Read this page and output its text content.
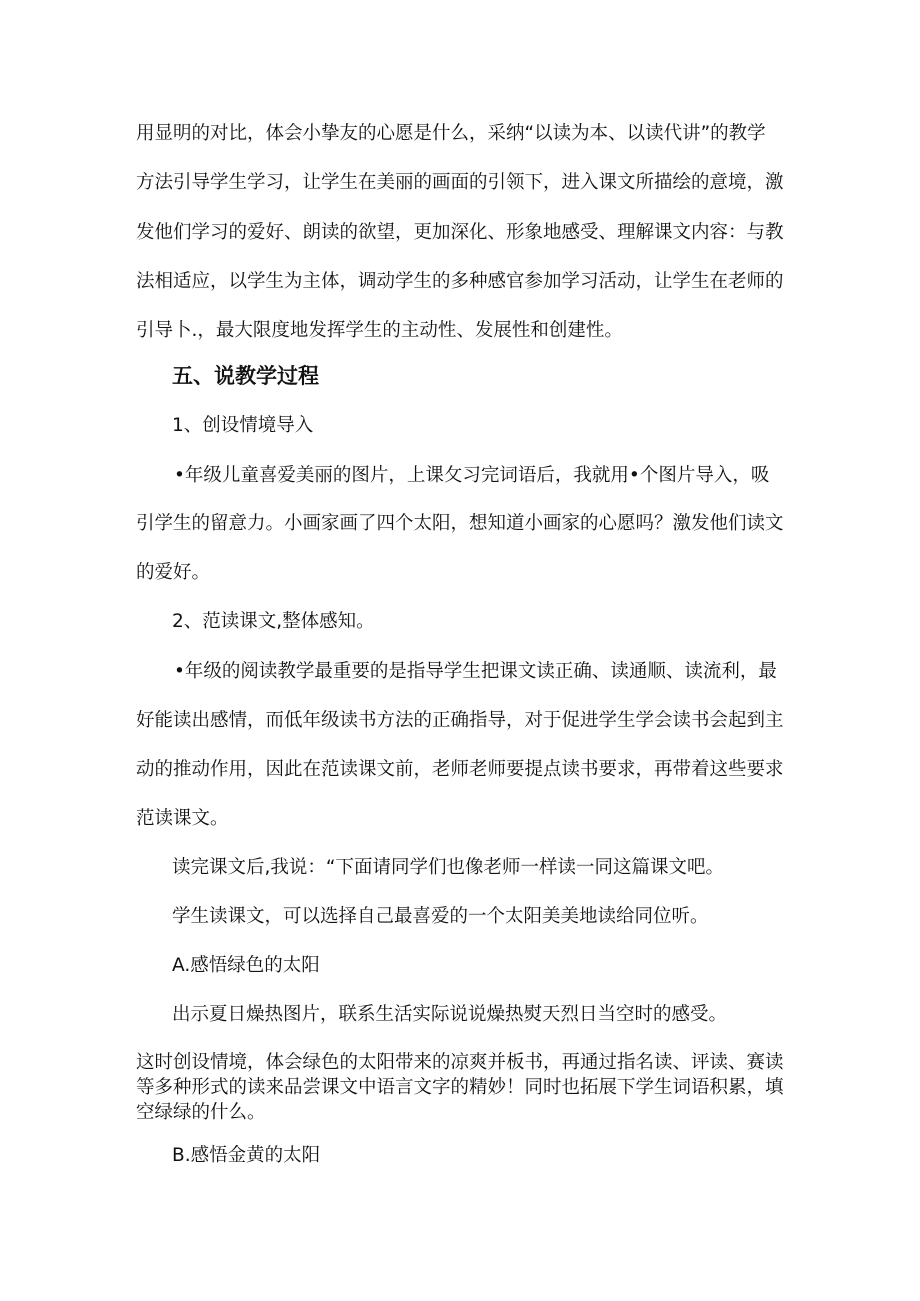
用显明的对比，体会小挚友的心愿是什么，采纳“以读为本、以读代讲”的教学

方法引导学生学习，让学生在美丽的画面的引领下，进入课文所描绘的意境，激

发他们学习的爱好、朗读的欲望，更加深化、形象地感受、理解课文内容：与教

法相适应，以学生为主体，调动学生的多种感官参加学习活动，让学生在老师的

引导卜.，最大限度地发挥学生的主动性、发展性和创建性。

五、说教学过程

1、创设情境导入

•年级儿童喜爱美丽的图片，上课攵习完词语后，我就用•个图片导入，吸

引学生的留意力。小画家画了四个太阳，想知道小画家的心愿吗？激发他们读文

的爱好。

2、范读课文,整体感知。

•年级的阅读教学最重要的是指导学生把课文读正确、读通顺、读流利，最

好能读出感情，而低年级读书方法的正确指导，对于促进学生学会读书会起到主

动的推动作用，因此在范读课文前，老师老师要提点读书要求，再带着这些要求

范读课文。

读完课文后,我说：“下面请同学们也像老师一样读一同这篇课文吧。

学生读课文，可以选择自己最喜爱的一个太阳美美地读给同位听。

A.感悟绿色的太阳

出示夏日燥热图片，联系生活实际说说燥热熨天烈日当空时的感受。

这时创设情境，体会绿色的太阳带来的凉爽并板书，再通过指名读、评读、赛读

等多种形式的读来品尝课文中语言文字的精妙！同时也拓展下学生词语积累，填

空绿绿的什么。

B.感悟金黄的太阳
